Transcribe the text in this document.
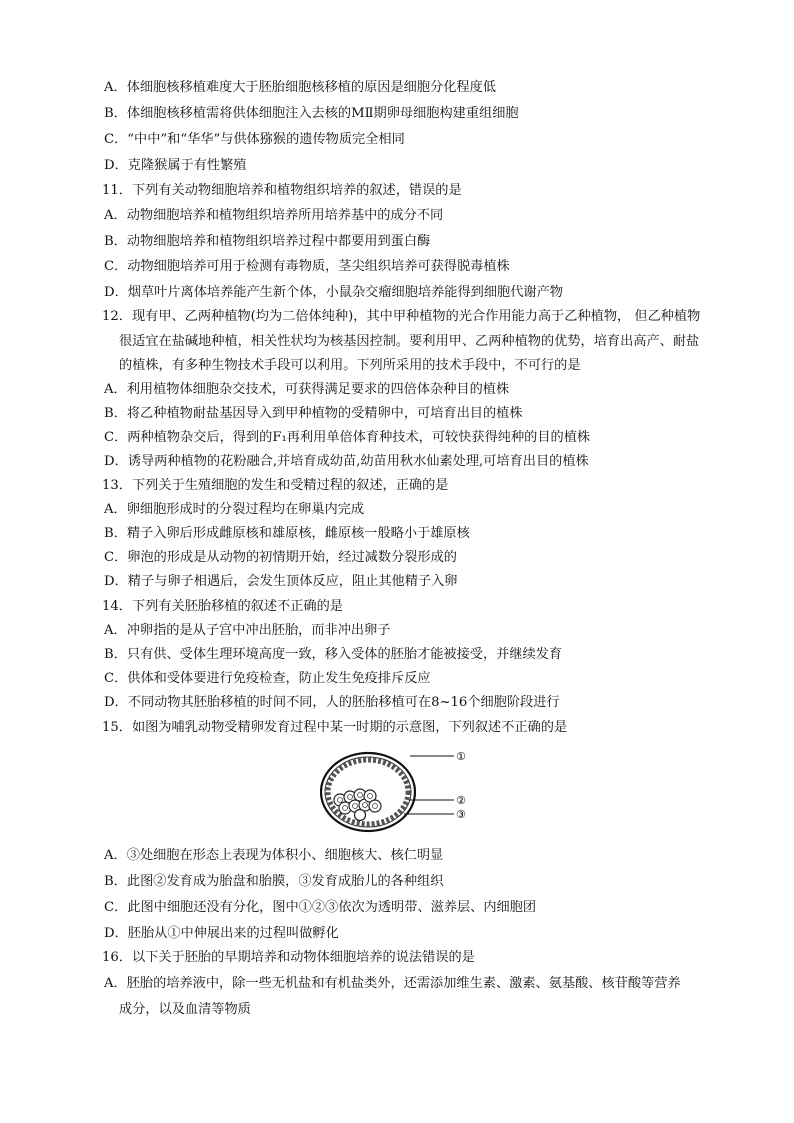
A．体细胞核移植难度大于胚胎细胞核移植的原因是细胞分化程度低
B．体细胞核移植需将供体细胞注入去核的MⅡ期卵母细胞构建重组细胞
C．“中中”和“华华”与供体猕猴的遗传物质完全相同
D．克隆猴属于有性繁殖
11．下列有关动物细胞培养和植物组织培养的叙述，错误的是
A．动物细胞培养和植物组织培养所用培养基中的成分不同
B．动物细胞培养和植物组织培养过程中都要用到蛋白酶
C．动物细胞培养可用于检测有毒物质，茎尖组织培养可获得脱毒植株
D．烟草叶片离体培养能产生新个体，小鼠杂交瘤细胞培养能得到细胞代谢产物
12．现有甲、乙两种植物(均为二倍体纯种)，其中甲种植物的光合作用能力高于乙种植物， 但乙种植物
很适宜在盐碱地种植，相关性状均为核基因控制。要利用甲、乙两种植物的优势，培育出高产、耐盐
的植株，有多种生物技术手段可以利用。下列所采用的技术手段中，不可行的是
A．利用植物体细胞杂交技术，可获得满足要求的四倍体杂种目的植株
B．将乙种植物耐盐基因导入到甲种植物的受精卵中，可培育出目的植株
C．两种植物杂交后，得到的F₁再利用单倍体育种技术，可较快获得纯种的目的植株
D．诱导两种植物的花粉融合,并培育成幼苗,幼苗用秋水仙素处理,可培育出目的植株
13．下列关于生殖细胞的发生和受精过程的叙述，正确的是
A．卵细胞形成时的分裂过程均在卵巢内完成
B．精子入卵后形成雌原核和雄原核，雌原核一般略小于雄原核
C．卵泡的形成是从动物的初情期开始，经过减数分裂形成的
D．精子与卵子相遇后，会发生顶体反应，阻止其他精子入卵
14．下列有关胚胎移植的叙述不正确的是
A．冲卵指的是从子宫中冲出胚胎，而非冲出卵子
B．只有供、受体生理环境高度一致，移入受体的胚胎才能被接受，并继续发育
C．供体和受体要进行免疫检查，防止发生免疫排斥反应
D．不同动物其胚胎移植的时间不同，人的胚胎移植可在8~16个细胞阶段进行
15．如图为哺乳动物受精卵发育过程中某一时期的示意图，下列叙述不正确的是
①
②
③
A．③处细胞在形态上表现为体积小、细胞核大、核仁明显
B．此图②发育成为胎盘和胎膜，③发育成胎儿的各种组织
C．此图中细胞还没有分化，图中①②③依次为透明带、滋养层、内细胞团
D．胚胎从①中伸展出来的过程叫做孵化
16．以下关于胚胎的早期培养和动物体细胞培养的说法错误的是
A．胚胎的培养液中，除一些无机盐和有机盐类外，还需添加维生素、激素、氨基酸、核苷酸等营养
成分，以及血清等物质
